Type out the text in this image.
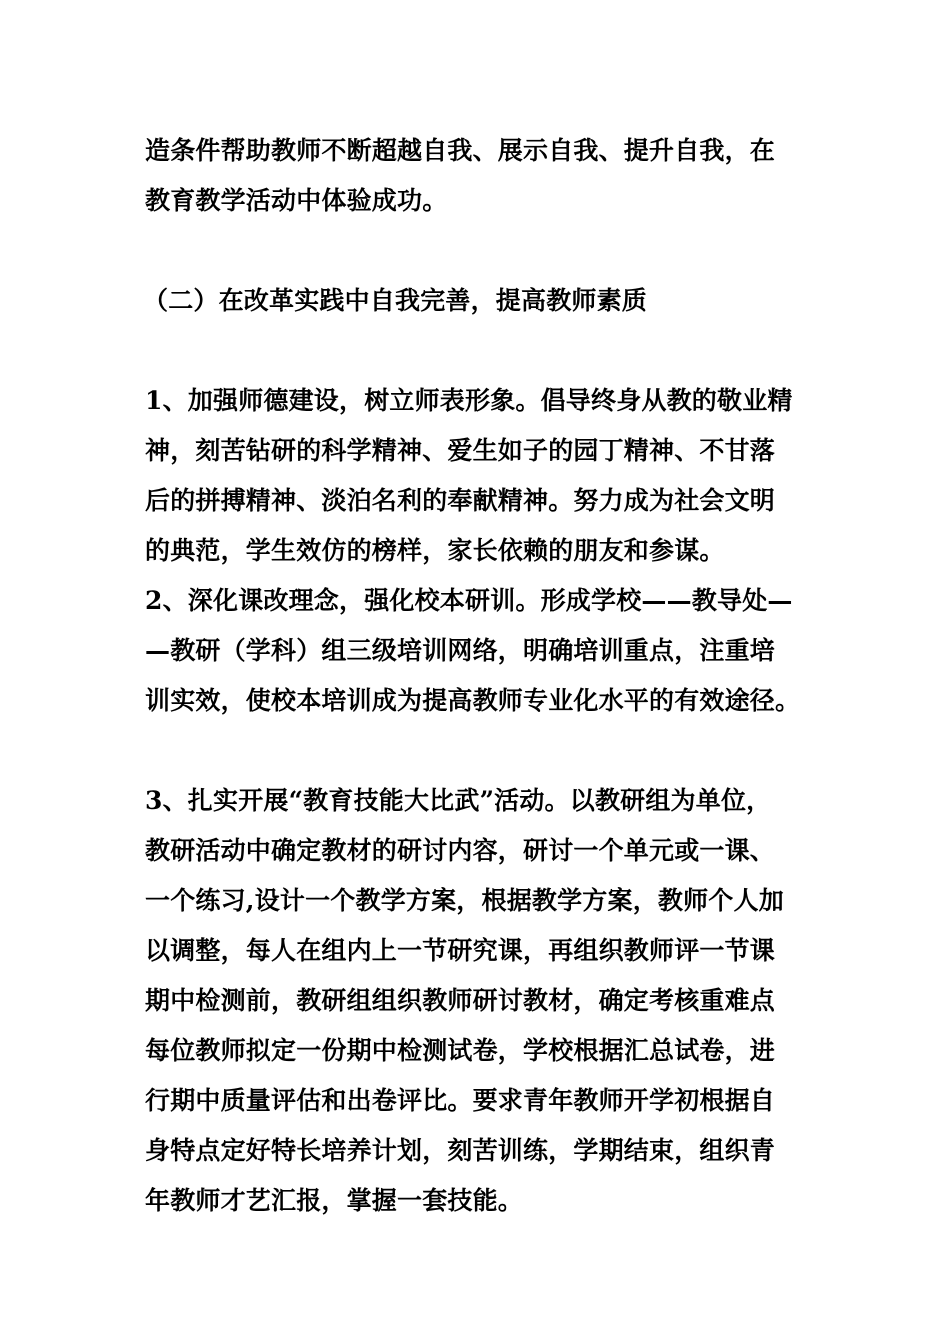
造条件帮助教师不断超越自我、展示自我、提升自我，在
教育教学活动中体验成功。
（二）在改革实践中自我完善，提高教师素质
1、加强师德建设，树立师表形象。倡导终身从教的敬业精
神，刻苦钻研的科学精神、爱生如子的园丁精神、不甘落
后的拼搏精神、淡泊名利的奉献精神。努力成为社会文明
的典范，学生效仿的榜样，家长依赖的朋友和参谋。
2、深化课改理念，强化校本研训。形成学校——教导处—
—教研（学科）组三级培训网络，明确培训重点，注重培
训实效，使校本培训成为提高教师专业化水平的有效途径。
3、扎实开展“教育技能大比武”活动。以教研组为单位，
教研活动中确定教材的研讨内容，研讨一个单元或一课、
一个练习,设计一个教学方案，根据教学方案，教师个人加
以调整，每人在组内上一节研究课，再组织教师评一节课
期中检测前，教研组组织教师研讨教材，确定考核重难点
每位教师拟定一份期中检测试卷，学校根据汇总试卷，进
行期中质量评估和出卷评比。要求青年教师开学初根据自
身特点定好特长培养计划，刻苦训练，学期结束，组织青
年教师才艺汇报，掌握一套技能。
